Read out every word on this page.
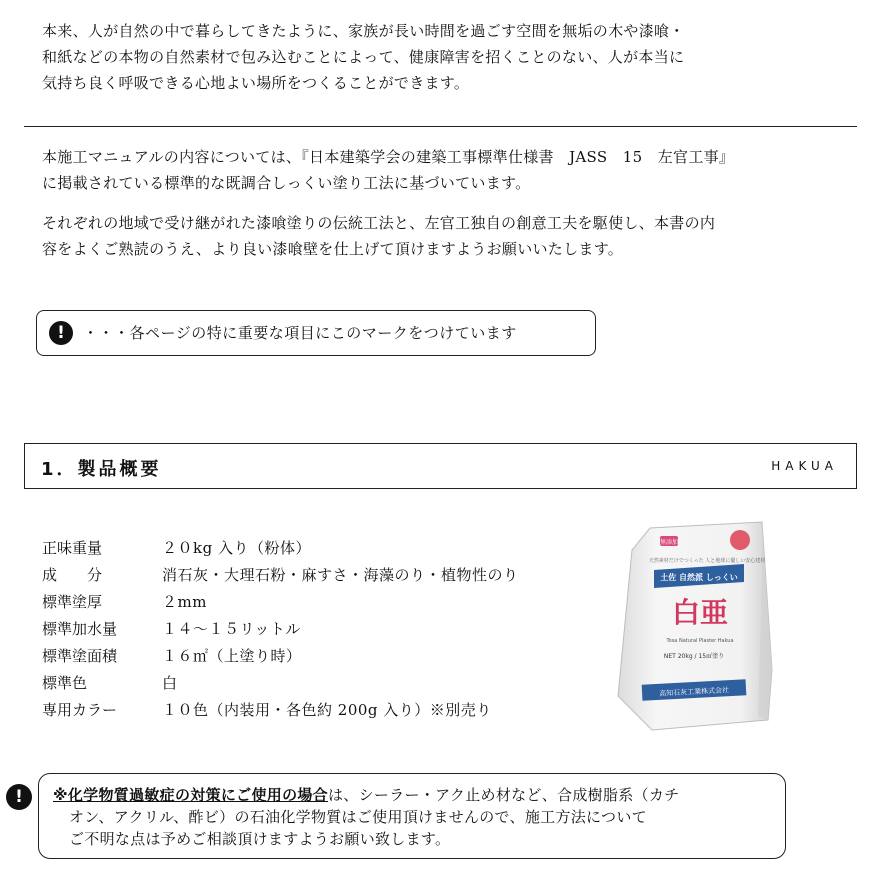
本来、人が自然の中で暮らしてきたように、家族が長い時間を過ごす空間を無垢の木や漆喰・

和紙などの本物の自然素材で包み込むことによって、健康障害を招くことのない、人が本当に

気持ち良く呼吸できる心地よい場所をつくることができます。

本施工マニュアルの内容については、『日本建築学会の建築工事標準仕様書　JASS　15　左官工事』

に掲載されている標準的な既調合しっくい塗り工法に基づいています。

それぞれの地域で受け継がれた漆喰塗りの伝統工法と、左官工独自の創意工夫を駆使し、本書の内

容をよくご熟読のうえ、より良い漆喰壁を仕上げて頂けますようお願いいたします。

!	・・・各ページの特に重要な項目にこのマークをつけています
1．製品概要	HAKUA
正味重量	２０kg 入り（粉体）
成　　分	消石灰・大理石粉・麻すさ・海藻のり・植物性のり
標準塗厚	２mm
標準加水量	１４～１５リットル
標準塗面積	１６㎡（上塗り時）
標準色	白
専用カラー	１０色（内装用・各色約 200g 入り）※別売り
無添加
天然素材だけでつくった 人と地球に優しい安心建材
土佐 自然派 しっくい
白亜
Tosa Natural Plaster Hakua
NET 20kg / 15㎡塗り
高知石灰工業株式会社
!	※化学物質過敏症の対策にご使用の場合は、シーラー・アク止め材など、合成樹脂系（カチ

オン、アクリル、酢ビ）の石油化学物質はご使用頂けませんので、施工方法について

ご不明な点は予めご相談頂けますようお願い致します。
